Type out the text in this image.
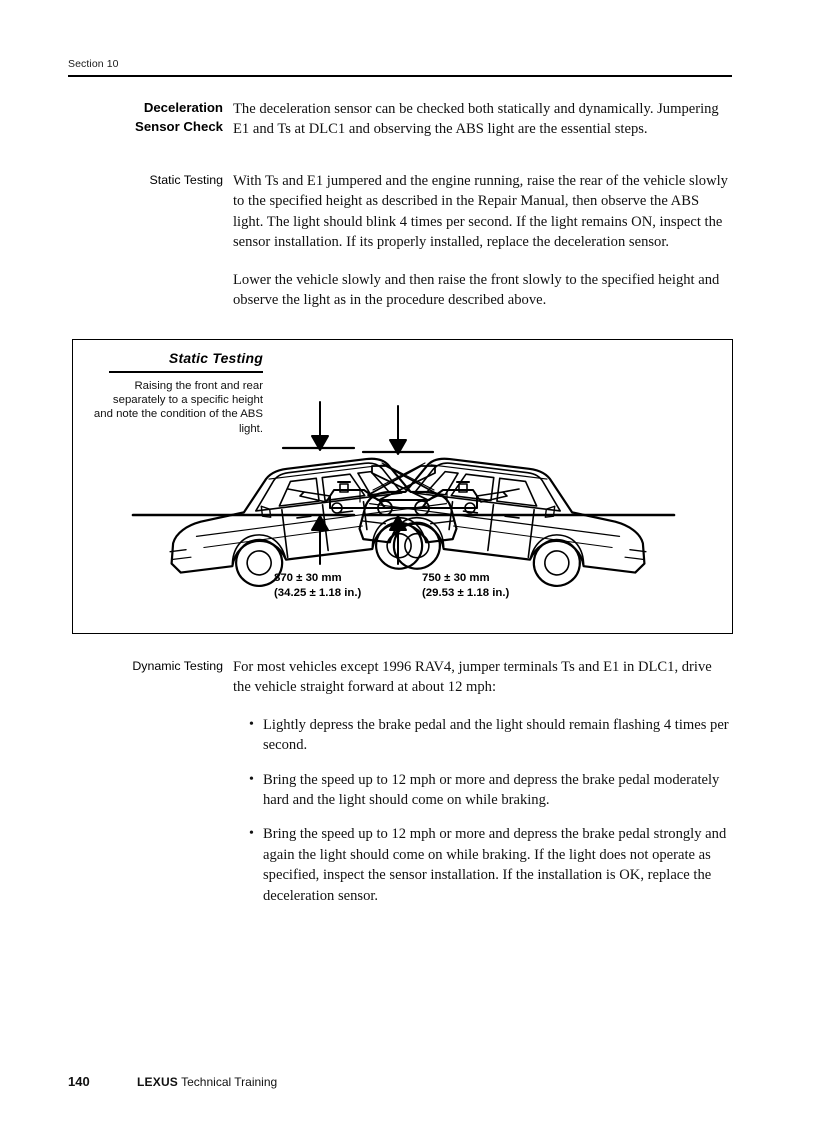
Section 10
Deceleration
Sensor Check

The deceleration sensor can be checked both statically and dynamically. Jumpering E1 and Ts at DLC1 and observing the ABS light are the essential steps.

Static Testing With Ts and E1 jumpered and the engine running, raise the rear of the vehicle slowly to the specified height as described in the Repair Manual, then observe the ABS light. The light should blink 4 times per second. If the light remains ON, inspect the sensor installation. If its properly installed, replace the deceleration sensor.

Lower the vehicle slowly and then raise the front slowly to the specified height and observe the light as in the procedure described above.

Static Testing
Raising the front and rear separately to a specific height and note the condition of the ABS light.
870 ± 30 mm
(34.25 ± 1.18 in.)
750 ± 30 mm
(29.53 ± 1.18 in.)
Dynamic Testing For most vehicles except 1996 RAV4, jumper terminals Ts and E1 in DLC1, drive the vehicle straight forward at about 12 mph:

• Lightly depress the brake pedal and the light should remain flashing 4 times per second.
• Bring the speed up to 12 mph or more and depress the brake pedal moderately hard and the light should come on while braking.
• Bring the speed up to 12 mph or more and depress the brake pedal strongly and again the light should come on while braking. If the light does not operate as specified, inspect the sensor installation. If the installation is OK, replace the deceleration sensor.
140	LEXUS Technical Training
